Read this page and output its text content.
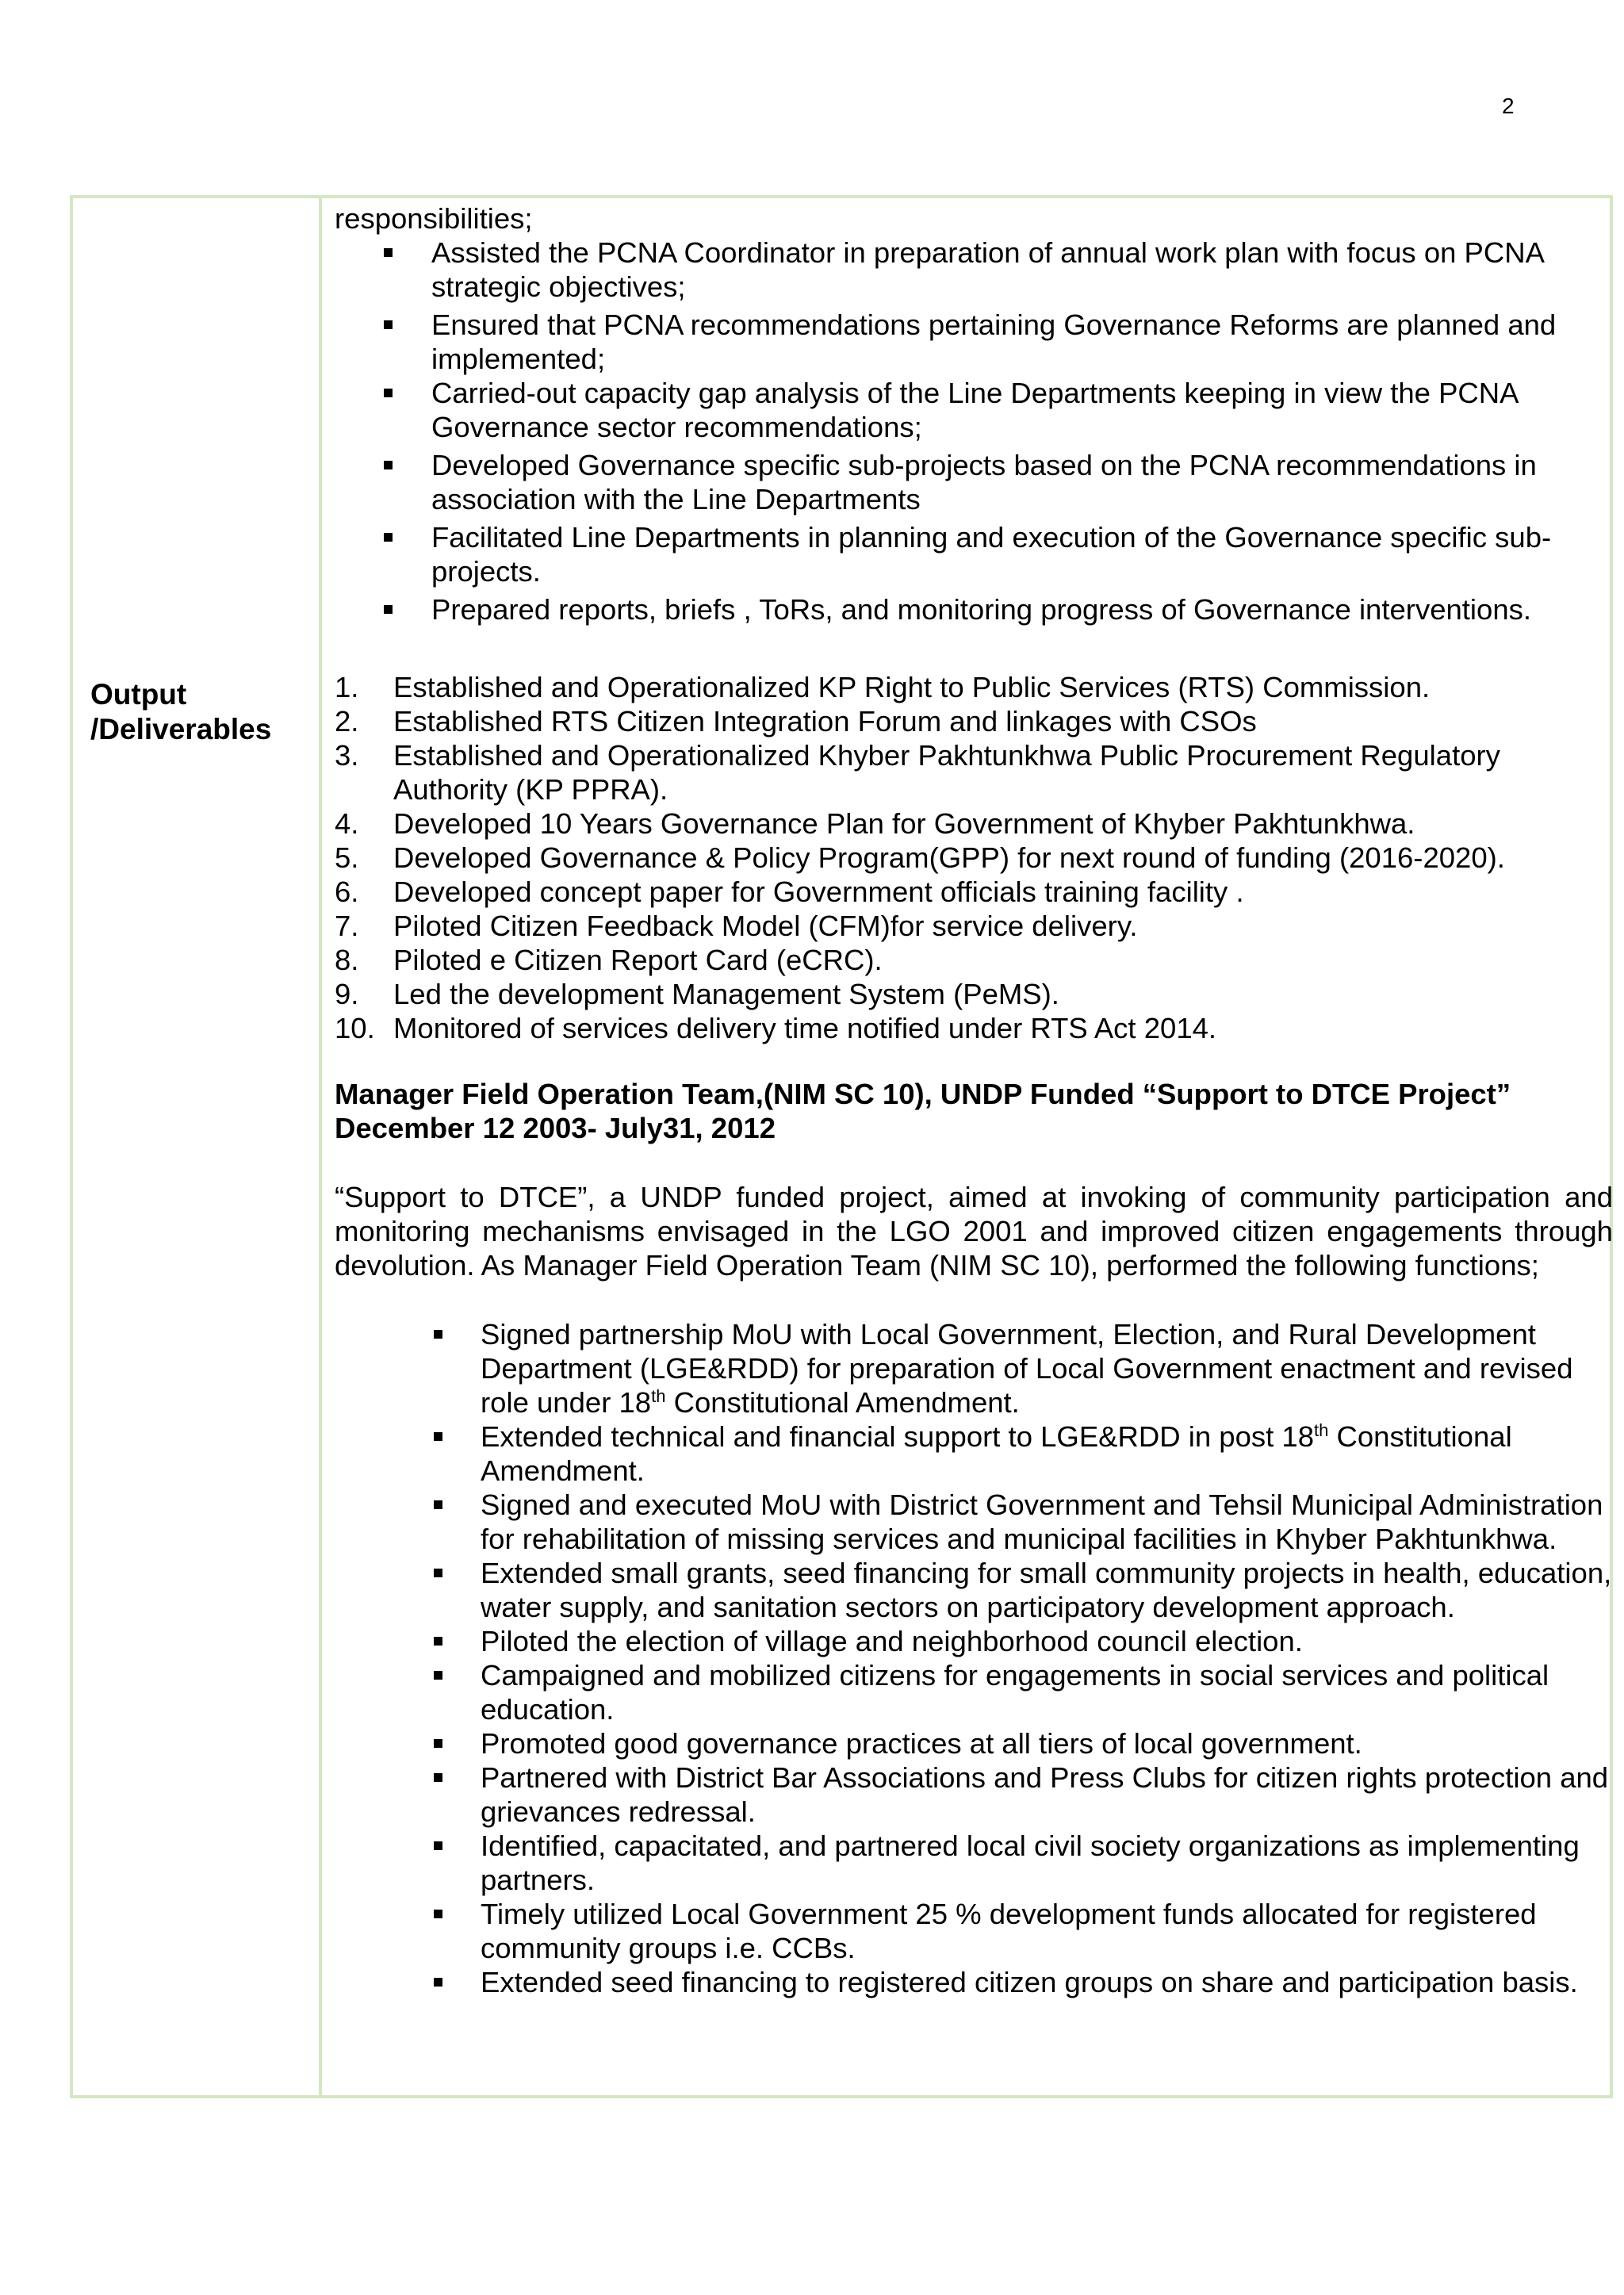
2
Output
/Deliverables

responsibilities;

Assisted the PCNA Coordinator in preparation of annual work plan with focus on PCNA strategic objectives;
Ensured that PCNA recommendations pertaining Governance Reforms are planned and implemented;
Carried-out capacity gap analysis of the Line Departments keeping in view the PCNA Governance sector recommendations;
Developed Governance specific sub-projects based on the PCNA recommendations in association with the Line Departments
Facilitated Line Departments in planning and execution of the Governance specific sub-projects.
Prepared reports, briefs , ToRs, and monitoring progress of Governance interventions.
1. Established and Operationalized KP Right to Public Services (RTS) Commission.
2. Established RTS Citizen Integration Forum and linkages with CSOs
3. Established and Operationalized Khyber Pakhtunkhwa Public Procurement Regulatory Authority (KP PPRA).
4. Developed 10 Years Governance Plan for Government of Khyber Pakhtunkhwa.
5. Developed Governance & Policy Program(GPP) for next round of funding (2016-2020).
6. Developed concept paper for Government officials training facility .
7. Piloted Citizen Feedback Model (CFM)for service delivery.
8. Piloted e Citizen Report Card (eCRC).
9. Led the development Management System (PeMS).
10. Monitored of services delivery time notified under RTS Act 2014.
Manager Field Operation Team,(NIM SC 10), UNDP Funded “Support to DTCE Project”
December 12 2003- July31, 2012

“Support to DTCE”, a UNDP funded project, aimed at invoking of community participation and monitoring mechanisms envisaged in the LGO 2001 and improved citizen engagements through devolution. As Manager Field Operation Team (NIM SC 10), performed the following functions;

Signed partnership MoU with Local Government, Election, and Rural Development Department (LGE&RDD) for preparation of Local Government enactment and revised role under 18th Constitutional Amendment.
Extended technical and financial support to LGE&RDD in post 18th Constitutional Amendment.
Signed and executed MoU with District Government and Tehsil Municipal Administration for rehabilitation of missing services and municipal facilities in Khyber Pakhtunkhwa.
Extended small grants, seed financing for small community projects in health, education, water supply, and sanitation sectors on participatory development approach.
Piloted the election of village and neighborhood council election.
Campaigned and mobilized citizens for engagements in social services and political education.
Promoted good governance practices at all tiers of local government.
Partnered with District Bar Associations and Press Clubs for citizen rights protection and grievances redressal.
Identified, capacitated, and partnered local civil society organizations as implementing partners.
Timely utilized Local Government 25 % development funds allocated for registered community groups i.e. CCBs.
Extended seed financing to registered citizen groups on share and participation basis.
